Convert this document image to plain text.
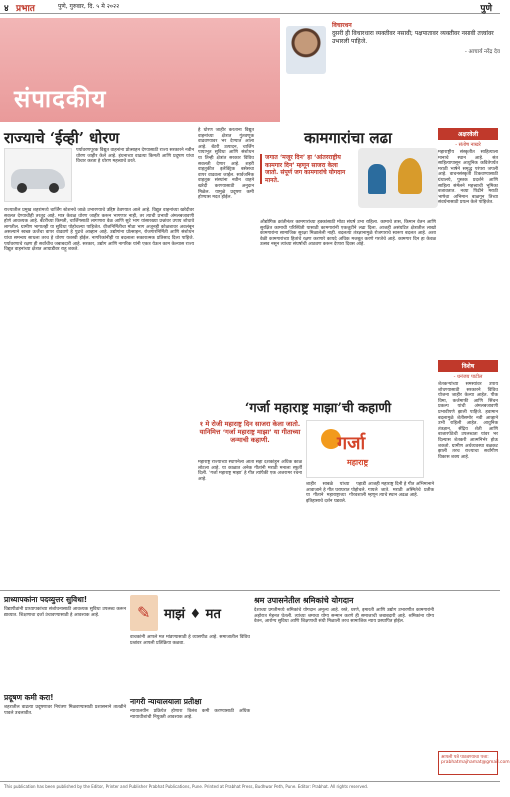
४ प्रभात	पुणे, गुरुवार, दि. ५ मे २०२२	पुणे
संपादकीय
विचारधन
दुसरी ही विचारधारा व्यक्तीवर नसावी; पक्षपातावर व्यक्तीवर नसावी तत्त्वांवर उभारली पाहिजे.
- आचार्य नरेंद्र देव
राज्याचे ‘ईव्ही’ धोरण
पर्यावरणपूरक विद्युत वाहनांना प्रोत्साहन देण्यासाठी राज्य सरकारने नवीन धोरण जाहीर केले आहे. इंधनाच्या वाढत्या किमती आणि प्रदूषण यांचा विचार करता हे धोरण महत्त्वाचे ठरते.
राज्यातील प्रमुख शहरांमध्ये चार्जिंग स्टेशनचे जाळे उभारण्याचे उद्दिष्ट ठेवण्यात आले आहे. विद्युत वाहनांच्या खरेदीवर सवलत देण्याचीही तरतूद आहे. मात्र केवळ धोरण जाहीर करून भागणार नाही, तर त्याची प्रभावी अंमलबजावणी होणे आवश्यक आहे. बॅटरीच्या किमती, चार्जिंगसाठी लागणारा वेळ आणि सुटे भाग यांसारख्या प्रश्नांवर उपाय शोधावे लागतील. ग्रामीण भागातही या सुविधा पोहोचल्या पाहिजेत. वीजनिर्मितीचा मोठा भाग अजूनही कोळशावर अवलंबून असल्याने स्वच्छ ऊर्जेचा वापर वाढवणे हे पुढचे आव्हान आहे. उद्योगांना प्रोत्साहन, रोजगारनिर्मिती आणि संशोधन यांचा समन्वय साधला तरच हे धोरण यशस्वी होईल. नागरिकांनीही या बदलाला सकारात्मक प्रतिसाद दिला पाहिजे. पर्यावरणाचे रक्षण ही सर्वांचीच जबाबदारी आहे. सरकार, उद्योग आणि नागरिक यांनी एकत्र येऊन काम केल्यास राज्य विद्युत वाहनांच्या क्षेत्रात आघाडीवर राहू शकते.
हे धोरण जाहीर करताना विद्युत वाहनांच्या क्षेत्रात गुंतवणूक वाढवण्यावर भर देण्यात आला आहे. बॅटरी उत्पादन, चार्जिंग पायाभूत सुविधा आणि संशोधन या तिन्ही क्षेत्रांत सरकार विविध सवलती देणार आहे. शहरी वाहतुकीत इलेक्ट्रिक बसेसचा वापर वाढवला जाईल. सार्वजनिक वाहतूक संस्थांना नवीन वाहने खरेदी करण्यासाठी अनुदान मिळेल. यामुळे प्रदूषण कमी होण्यास मदत होईल.
कामगारांचा लढा
जगात ‘मजूर दिन’ हा ‘आंतरराष्ट्रीय कामगार दिन’ म्हणून साजरा केला जातो. संपूर्ण जग कामगारांचे योगदान मानते.
औद्योगिक क्रांतीनंतर कामगारांच्या हक्कांसाठी मोठा संघर्ष उभा राहिला. कामाचे तास, किमान वेतन आणि सुरक्षित कामाची परिस्थिती यासाठी कामगारांनी एकजुटीने लढा दिला. आजही असंघटित क्षेत्रातील लाखो कामगारांना सामाजिक सुरक्षा मिळालेली नाही. बदलत्या तंत्रज्ञानामुळे रोजगाराचे स्वरूप बदलत आहे. अशा वेळी कामगारांच्या हितांचे रक्षण करणारे कायदे अधिक मजबूत करणे गरजेचे आहे. कामगार दिन हा केवळ उत्सव नसून त्यांच्या संघर्षाची आठवण करून देणारा दिवस आहे.
अक्षरवेली
- संतोष नाखरे
महाराष्ट्रीय संस्कृतीत साहित्याला मानाचे स्थान आहे. संत साहित्यापासून आधुनिक कवितेपर्यंत मराठी भाषेने समृद्ध परंपरा जपली आहे. वाचनसंस्कृती टिकवण्यासाठी ग्रंथालये, पुस्तक प्रदर्शने आणि साहित्य संमेलने महत्त्वाची भूमिका बजावतात. नव्या पिढीने मराठी भाषेचा अभिमान बाळगून तिच्या संवर्धनासाठी प्रयत्न केले पाहिजेत.
विशेष
- धनंजय पाटील
शेतकऱ्यांच्या समस्यांवर उपाय शोधण्यासाठी सरकारने विविध योजना जाहीर केल्या आहेत. पीक विमा, कर्जमाफी आणि सिंचन प्रकल्प यांची अंमलबजावणी प्रभावीपणे झाली पाहिजे. हवामान बदलामुळे शेतीसमोर नवी आव्हाने उभी राहिली आहेत. आधुनिक तंत्रज्ञान, सेंद्रिय शेती आणि बाजारपेठेची उपलब्धता यांवर भर दिल्यास शेतकरी आत्मनिर्भर होऊ शकतो. ग्रामीण अर्थव्यवस्था बळकट झाली तरच राज्याचा सर्वांगीण विकास शक्य आहे.
‘गर्जा महाराष्ट्र माझा’ची कहाणी
१ मे रोजी महाराष्ट्र दिन साजरा केला जातो. यानिमित्त ‘गर्जा महाराष्ट्र माझा’ या गीताच्या जन्माची कहाणी.	गर्जा
महाराष्ट्र
महाराष्ट्र राज्याच्या स्थापनेला आता सहा दशकांहून अधिक काळ लोटला आहे. या काळात अनेक गीतांनी मराठी मनाला स्फूर्ती दिली. ‘गर्जा महाराष्ट्र माझा’ हे गीत त्यांपैकी एक अजरामर रचना आहे.
शाहीर साबळे यांच्या पहाडी आवाजाने हे गीत घराघरात पोहोचले. या गीताने महाराष्ट्राच्या गौरवशाली इतिहासाचे दर्शन घडवले.
आजही महाराष्ट्र दिनी हे गीत अभिमानाने गायले जाते. मराठी अस्मितेचे प्रतीक म्हणून त्याचे स्थान अढळ आहे.
प्राध्यापकांना पदव्युत्तर सुविधा!
विद्यापीठांनी प्राध्यापकांच्या संशोधनासाठी आवश्यक सुविधा उपलब्ध करून द्याव्यात. शिक्षणाचा दर्जा उंचावण्यासाठी हे आवश्यक आहे.
प्रदूषण कमी करा!
शहरातील वाढत्या प्रदूषणावर नियंत्रण मिळवण्यासाठी प्रशासनाने तातडीने पावले उचलावीत.
✎
माझं ♦ मत
वाचकांनी आपले मत मांडण्यासाठी हे व्यासपीठ आहे. समाजातील विविध प्रश्नांवर आपली प्रतिक्रिया कळवा.
नागरी न्यायालयाला प्रतीक्षा
न्यायालयीन प्रक्रियेत होणारा विलंब कमी करण्यासाठी अधिक न्यायाधीशांची नियुक्ती आवश्यक आहे.
श्रम उपासनेतील श्रमिकांचे योगदान
देशाच्या प्रगतीमध्ये श्रमिकांचे योगदान अमूल्य आहे. रस्ते, धरणे, इमारती आणि उद्योग उभारणीत कामगारांनी अहोरात्र मेहनत घेतली. त्यांच्या श्रमाचा योग्य सन्मान करणे ही समाजाची जबाबदारी आहे. श्रमिकांना योग्य वेतन, आरोग्य सुविधा आणि शिक्षणाची संधी मिळाली तरच सामाजिक न्याय प्रस्थापित होईल.
आपली पत्रे पाठवण्याचा पत्ता: prabhatmajhamat@gmail.com
This publication has been published by the Editor, Printer and Publisher Prabhat Publications, Pune. Printed at Prabhat Press, Budhwar Peth, Pune. Editor: Prabhat. All rights reserved.
